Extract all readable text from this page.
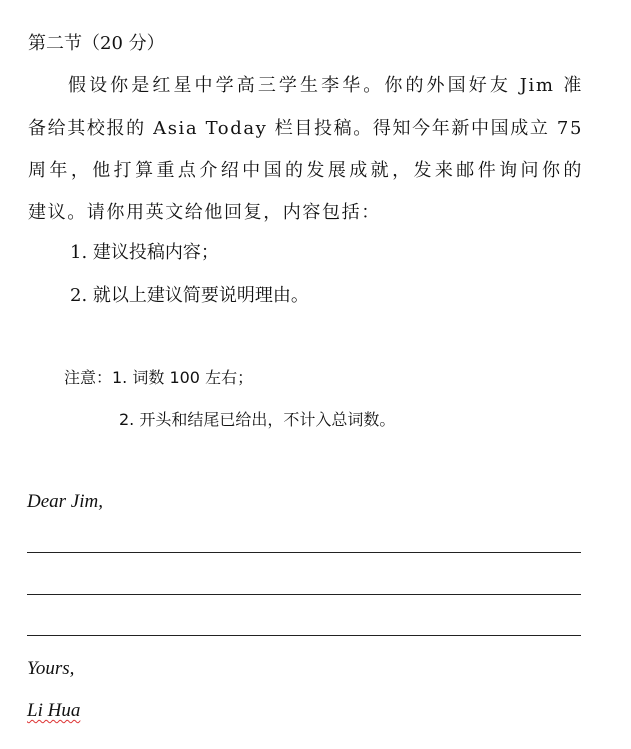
第二节（20 分）
假设你是红星中学高三学生李华。你的外国好友 Jim 准
备给其校报的 Asia Today 栏目投稿。得知今年新中国成立 75
周年，他打算重点介绍中国的发展成就，发来邮件询问你的
建议。请你用英文给他回复，内容包括：
1. 建议投稿内容；
2. 就以上建议简要说明理由。
注意：1. 词数 100 左右；
2. 开头和结尾已给出，不计入总词数。
Dear Jim,
Yours,
Li Hua
